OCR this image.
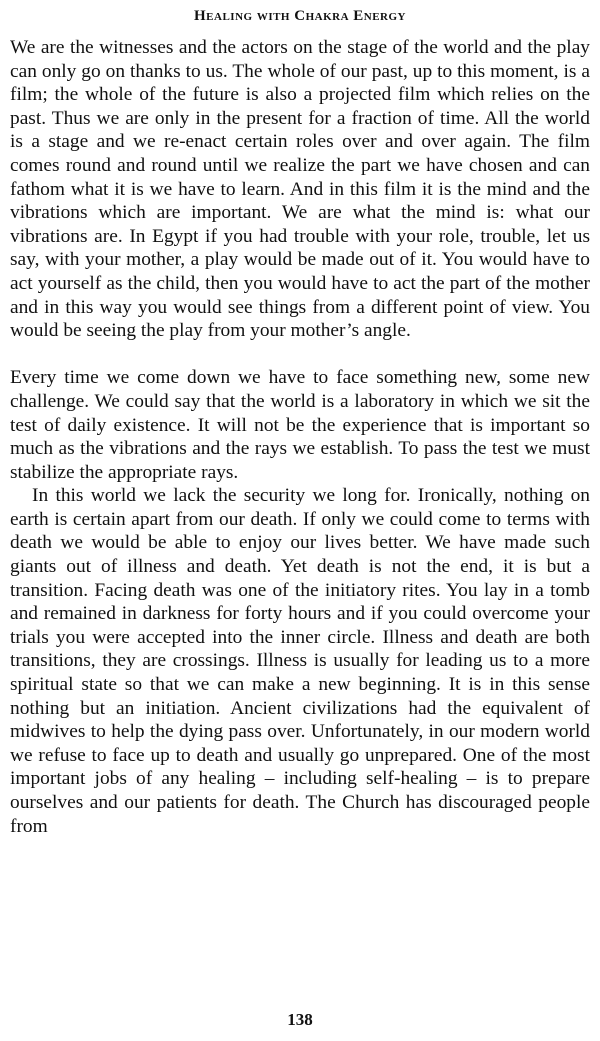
Healing with Chakra Energy

We are the witnesses and the actors on the stage of the world and the play can only go on thanks to us. The whole of our past, up to this moment, is a film; the whole of the future is also a projected film which relies on the past. Thus we are only in the present for a fraction of time. All the world is a stage and we re-enact certain roles over and over again. The film comes round and round until we realize the part we have chosen and can fathom what it is we have to learn. And in this film it is the mind and the vibrations which are important. We are what the mind is: what our vibrations are. In Egypt if you had trouble with your role, trouble, let us say, with your mother, a play would be made out of it. You would have to act yourself as the child, then you would have to act the part of the mother and in this way you would see things from a different point of view. You would be seeing the play from your mother’s angle.

Every time we come down we have to face something new, some new challenge. We could say that the world is a laboratory in which we sit the test of daily existence. It will not be the experience that is important so much as the vibrations and the rays we establish. To pass the test we must stabilize the appropriate rays.

In this world we lack the security we long for. Ironically, nothing on earth is certain apart from our death. If only we could come to terms with death we would be able to enjoy our lives better. We have made such giants out of illness and death. Yet death is not the end, it is but a transition. Facing death was one of the initiatory rites. You lay in a tomb and remained in darkness for forty hours and if you could overcome your trials you were accepted into the inner circle. Illness and death are both transitions, they are crossings. Illness is usually for leading us to a more spiritual state so that we can make a new beginning. It is in this sense nothing but an initiation. Ancient civilizations had the equivalent of midwives to help the dying pass over. Unfortunately, in our modern world we refuse to face up to death and usually go unprepared. One of the most important jobs of any healing – including self-healing – is to prepare ourselves and our patients for death. The Church has discouraged people from

138
